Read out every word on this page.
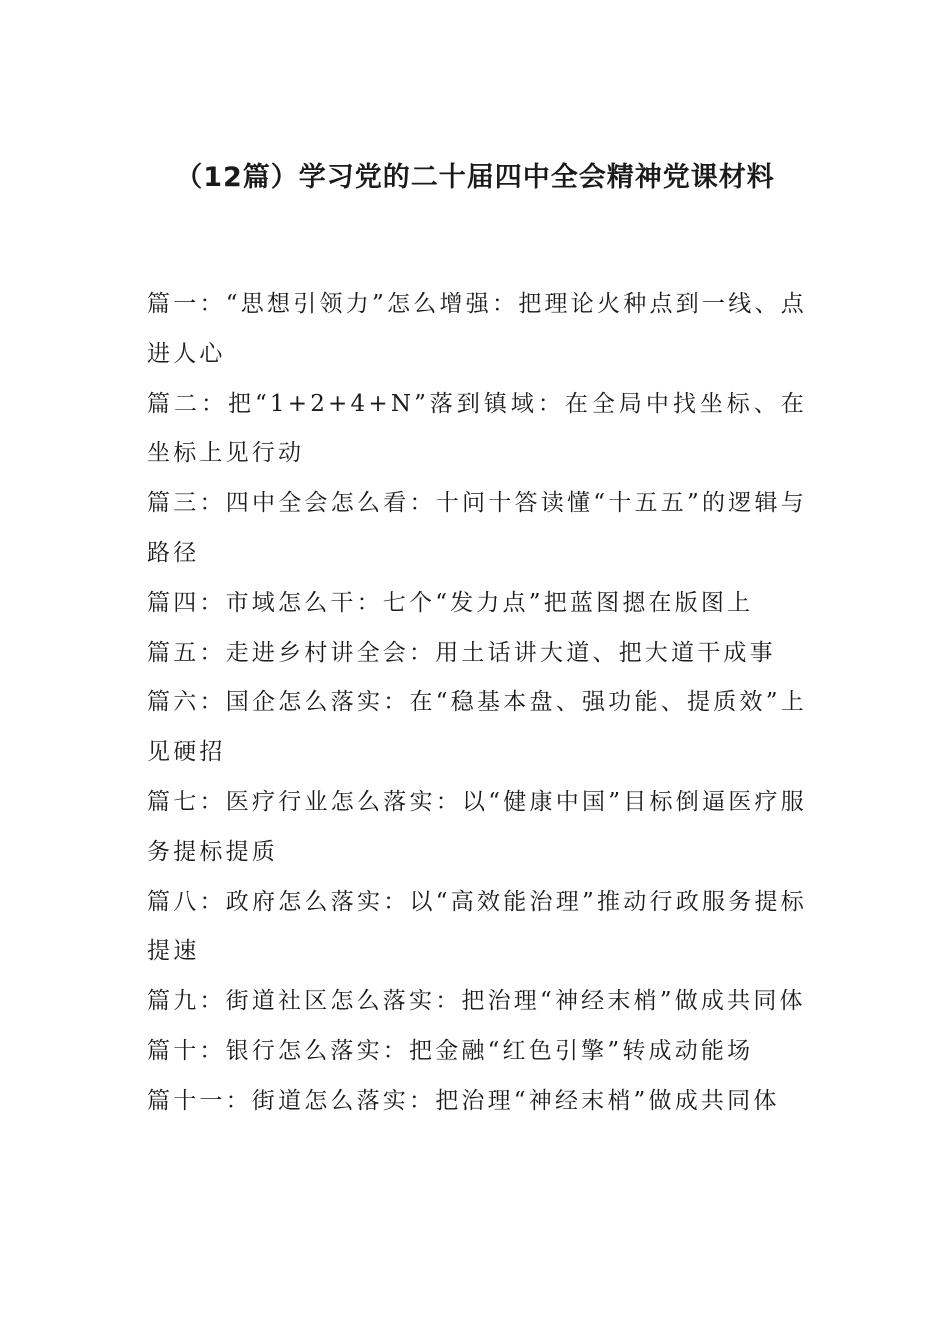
（12篇）学习党的二十届四中全会精神党课材料
篇一：“思想引领力”怎么增强：把理论火种点到一线、点进人心
篇二：把“1+2+4+N”落到镇域：在全局中找坐标、在坐标上见行动
篇三：四中全会怎么看：十问十答读懂“十五五”的逻辑与路径
篇四：市域怎么干：七个“发力点”把蓝图摁在版图上
篇五：走进乡村讲全会：用土话讲大道、把大道干成事
篇六：国企怎么落实：在“稳基本盘、强功能、提质效”上见硬招
篇七：医疗行业怎么落实：以“健康中国”目标倒逼医疗服务提标提质
篇八：政府怎么落实：以“高效能治理”推动行政服务提标提速
篇九：街道社区怎么落实：把治理“神经末梢”做成共同体
篇十：银行怎么落实：把金融“红色引擎”转成动能场
篇十一：街道怎么落实：把治理“神经末梢”做成共同体
